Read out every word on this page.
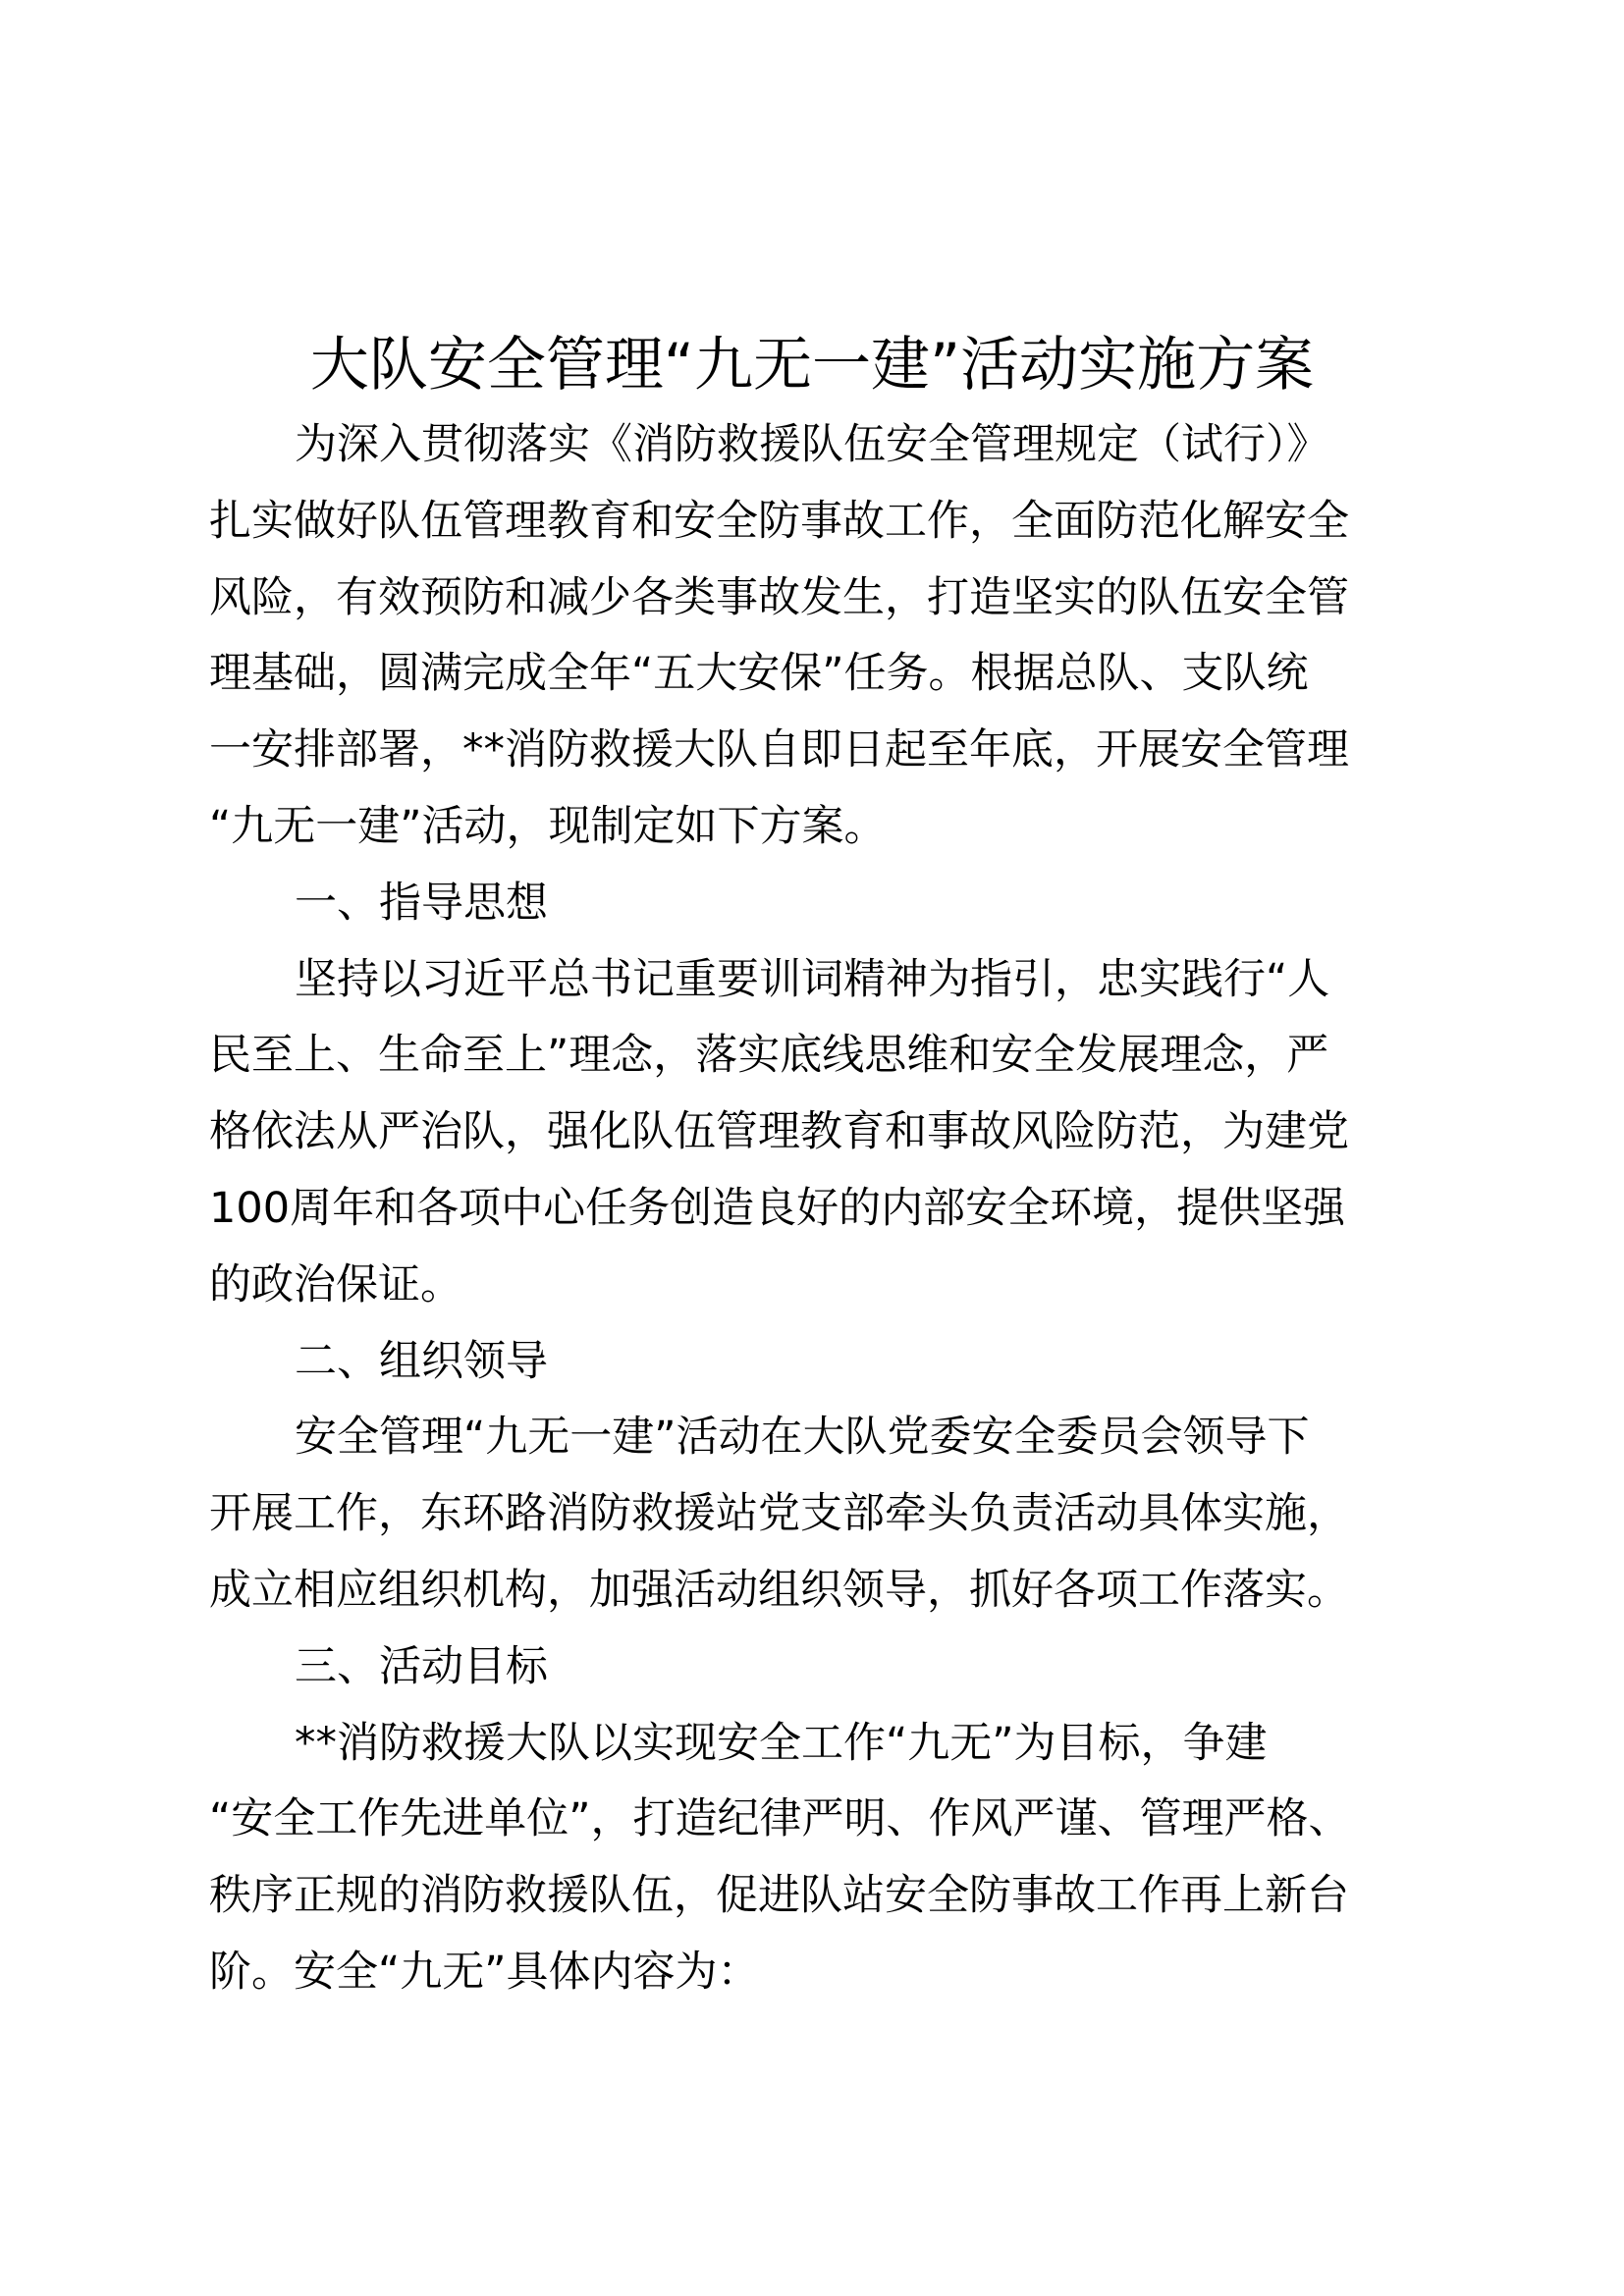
大队安全管理“九无一建”活动实施方案
为深入贯彻落实《消防救援队伍安全管理规定（试行）》
扎实做好队伍管理教育和安全防事故工作，全面防范化解安全
风险，有效预防和减少各类事故发生，打造坚实的队伍安全管
理基础，圆满完成全年“五大安保”任务。根据总队、支队统
一安排部署，**消防救援大队自即日起至年底，开展安全管理
“九无一建”活动，现制定如下方案。
一、指导思想
坚持以习近平总书记重要训词精神为指引，忠实践行“人
民至上、生命至上”理念，落实底线思维和安全发展理念，严
格依法从严治队，强化队伍管理教育和事故风险防范，为建党
100周年和各项中心任务创造良好的内部安全环境，提供坚强
的政治保证。
二、组织领导
安全管理“九无一建”活动在大队党委安全委员会领导下
开展工作，东环路消防救援站党支部牵头负责活动具体实施，
成立相应组织机构，加强活动组织领导，抓好各项工作落实。
三、活动目标
**消防救援大队以实现安全工作“九无”为目标，争建
“安全工作先进单位”，打造纪律严明、作风严谨、管理严格、
秩序正规的消防救援队伍，促进队站安全防事故工作再上新台
阶。安全“九无”具体内容为：
